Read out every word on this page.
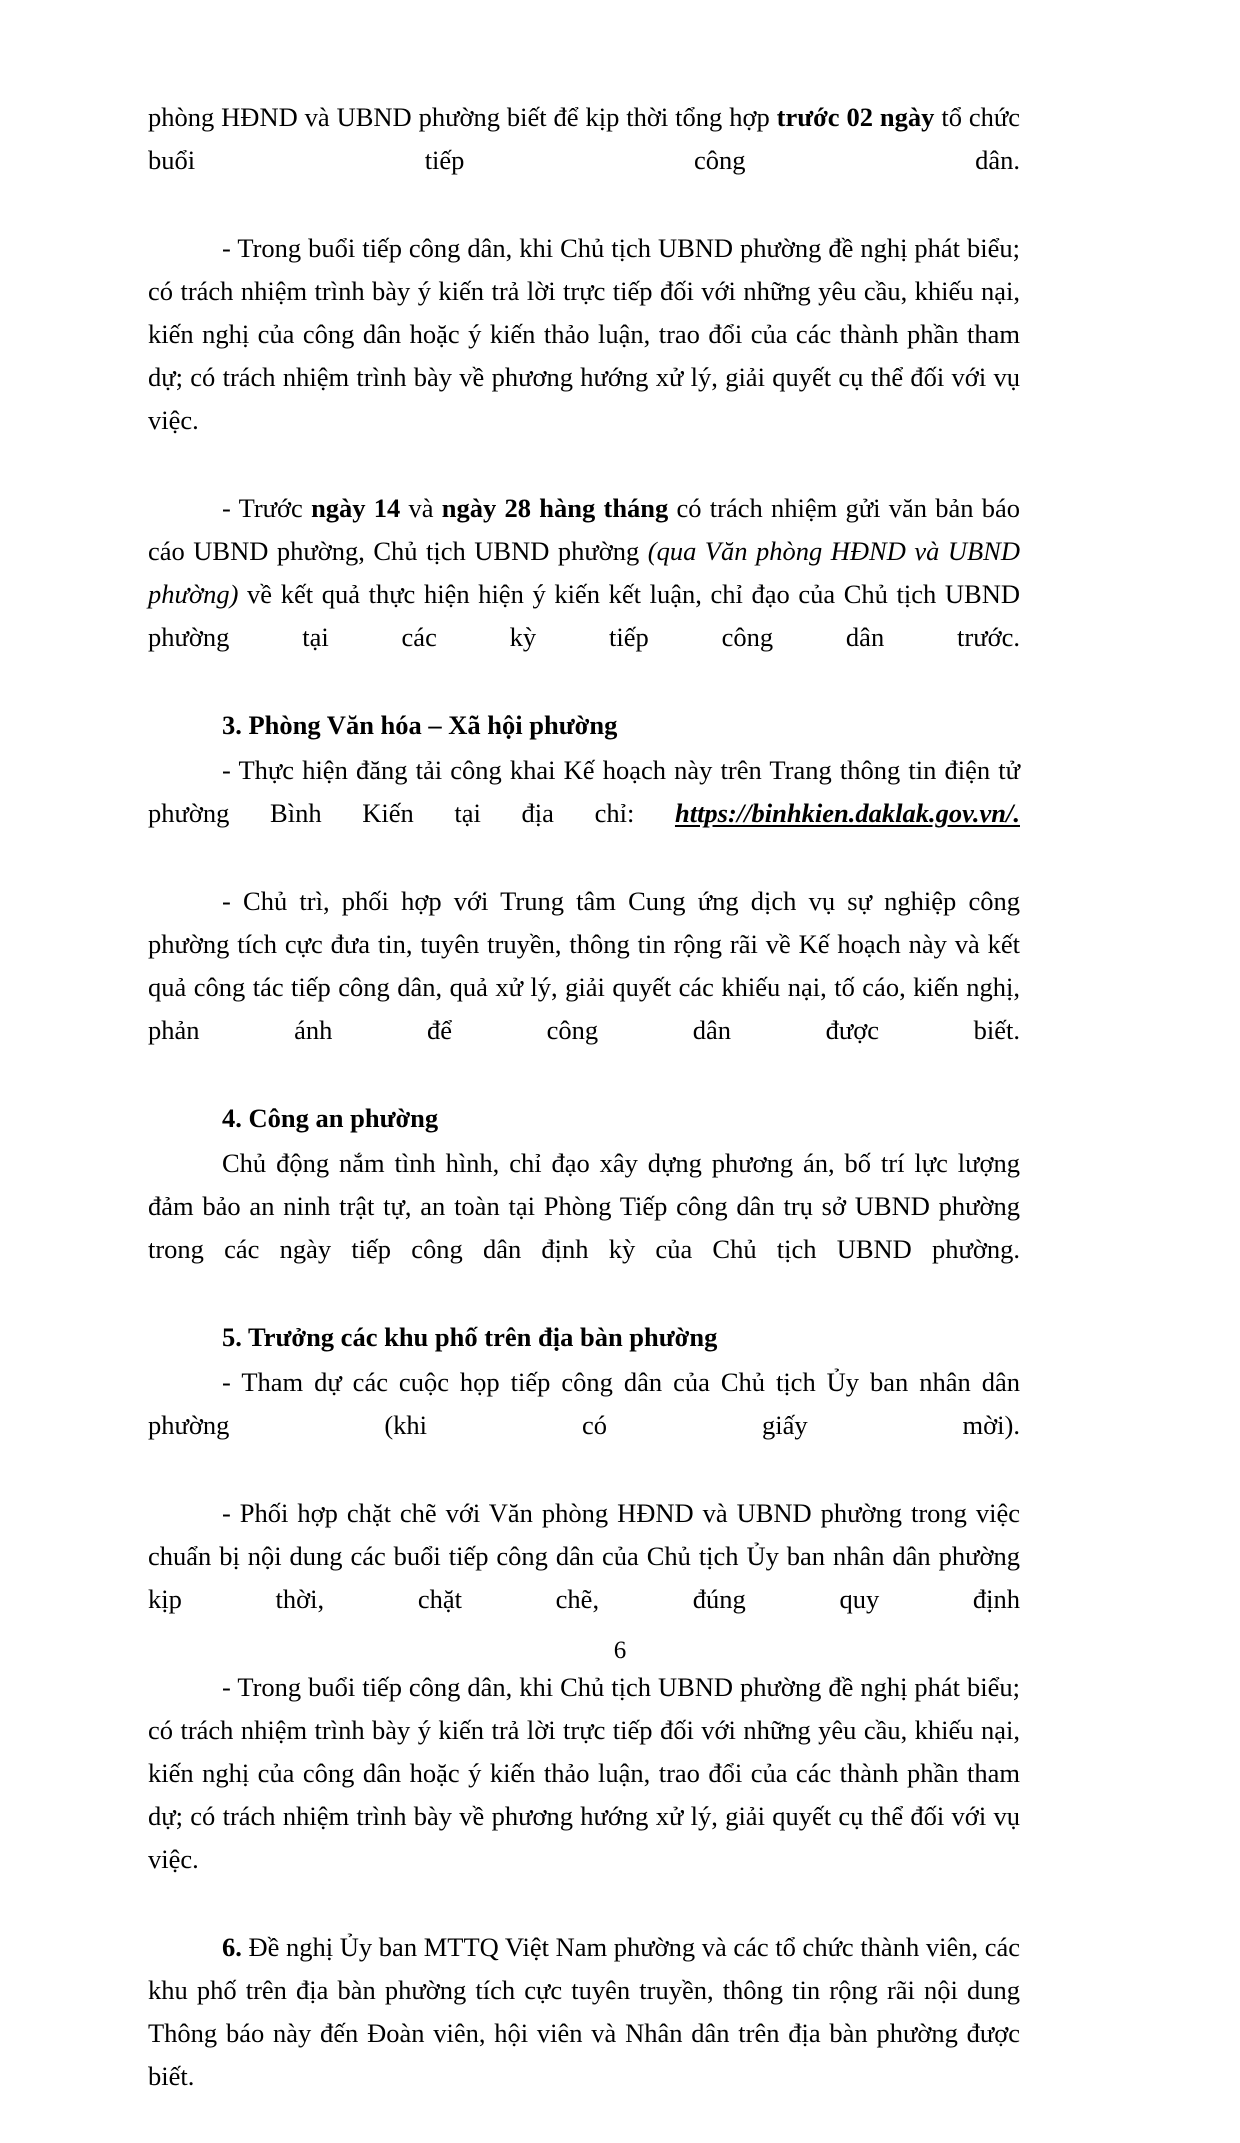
phòng HĐND và UBND phường biết để kịp thời tổng hợp trước 02 ngày tổ chức buổi tiếp công dân.

- Trong buổi tiếp công dân, khi Chủ tịch UBND phường đề nghị phát biểu; có trách nhiệm trình bày ý kiến trả lời trực tiếp đối với những yêu cầu, khiếu nại, kiến nghị của công dân hoặc ý kiến thảo luận, trao đổi của các thành phần tham dự; có trách nhiệm trình bày về phương hướng xử lý, giải quyết cụ thể đối với vụ việc.

- Trước ngày 14 và ngày 28 hàng tháng có trách nhiệm gửi văn bản báo cáo UBND phường, Chủ tịch UBND phường (qua Văn phòng HĐND và UBND phường) về kết quả thực hiện hiện ý kiến kết luận, chỉ đạo của Chủ tịch UBND phường tại các kỳ tiếp công dân trước.

3. Phòng Văn hóa – Xã hội phường

- Thực hiện đăng tải công khai Kế hoạch này trên Trang thông tin điện tử phường Bình Kiến tại địa chỉ: https://binhkien.daklak.gov.vn/.

- Chủ trì, phối hợp với Trung tâm Cung ứng dịch vụ sự nghiệp công phường tích cực đưa tin, tuyên truyền, thông tin rộng rãi về Kế hoạch này và kết quả công tác tiếp công dân, quả xử lý, giải quyết các khiếu nại, tố cáo, kiến nghị, phản ánh để công dân được biết.

4. Công an phường

Chủ động nắm tình hình, chỉ đạo xây dựng phương án, bố trí lực lượng đảm bảo an ninh trật tự, an toàn tại Phòng Tiếp công dân trụ sở UBND phường trong các ngày tiếp công dân định kỳ của Chủ tịch UBND phường.

5. Trưởng các khu phố trên địa bàn phường

- Tham dự các cuộc họp tiếp công dân của Chủ tịch Ủy ban nhân dân phường (khi có giấy mời).

- Phối hợp chặt chẽ với Văn phòng HĐND và UBND phường trong việc chuẩn bị nội dung các buổi tiếp công dân của Chủ tịch Ủy ban nhân dân phường kịp thời, chặt chẽ, đúng quy định

- Trong buổi tiếp công dân, khi Chủ tịch UBND phường đề nghị phát biểu; có trách nhiệm trình bày ý kiến trả lời trực tiếp đối với những yêu cầu, khiếu nại, kiến nghị của công dân hoặc ý kiến thảo luận, trao đổi của các thành phần tham dự; có trách nhiệm trình bày về phương hướng xử lý, giải quyết cụ thể đối với vụ việc.

6. Đề nghị Ủy ban MTTQ Việt Nam phường và các tổ chức thành viên, các khu phố trên địa bàn phường tích cực tuyên truyền, thông tin rộng rãi nội dung Thông báo này đến Đoàn viên, hội viên và Nhân dân trên địa bàn phường được biết.

6
